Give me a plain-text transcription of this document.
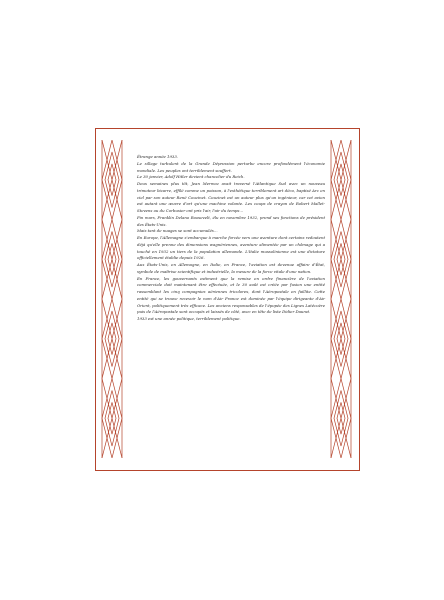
Étrange année 1933.

Le sillage turbulent de la Grande Dépression perturbe encore profondément l'économie mondiale. Les peuples ont terriblement souffert.

Le 30 janvier, Adolf Hitler devient chancelier du Reich.

Deux semaines plus tôt, Jean Mermoz avait traversé l'Atlantique Sud avec un nouveau trimoteur bizarre, effilé comme un poisson, à l'esthétique terriblement art déco, baptisé Arc en ciel par son auteur René Couzinet. Couzinet est un auteur plus qu'un ingénieur, car cet avion est autant une œuvre d'art qu'une machine volante. Les coups de crayon de Robert Mallet-Stevens ou du Corbusier ont pris l'air, l'air du temps…

Fin mars, Franklin Delano Roosevelt, élu en novembre 1932, prend ses fonctions de président des États-Unis.

Mais tant de nuages se sont accumulés…

En Europe, l'Allemagne s'embarque à marche forcée vers une aventure dont certains redoutent déjà qu'elle prenne des dimensions wagnériennes, aventure alimentée par un chômage qui a touché en 1932 un tiers de la population allemande. L'Italie mussolinienne est une dictature officiellement établie depuis 1926.

Aux États-Unis, en Allemagne, en Italie, en France, l'aviation est devenue affaire d'État, symbole de maîtrise scientifique et industrielle, la mesure de la force vitale d'une nation.

En France, les gouvernants estiment que la remise en ordre financière de l'aviation commerciale doit maintenant être effectuée, et le 30 août est créée par fusion une entité rassemblant les cinq compagnies aériennes tricolores, dont l'Aéropostale en faillite. Cette entité qui se trouve recevoir le nom d'Air France est dominée par l'équipe dirigeante d'Air Orient, politiquement très efficace. Les anciens responsables de l'épopée des Lignes Latécoère puis de l'Aéropostale sont occupés et laissés de côté, avec en tête de liste Didier Daurat.

1933 est une année politique, terriblement politique.
